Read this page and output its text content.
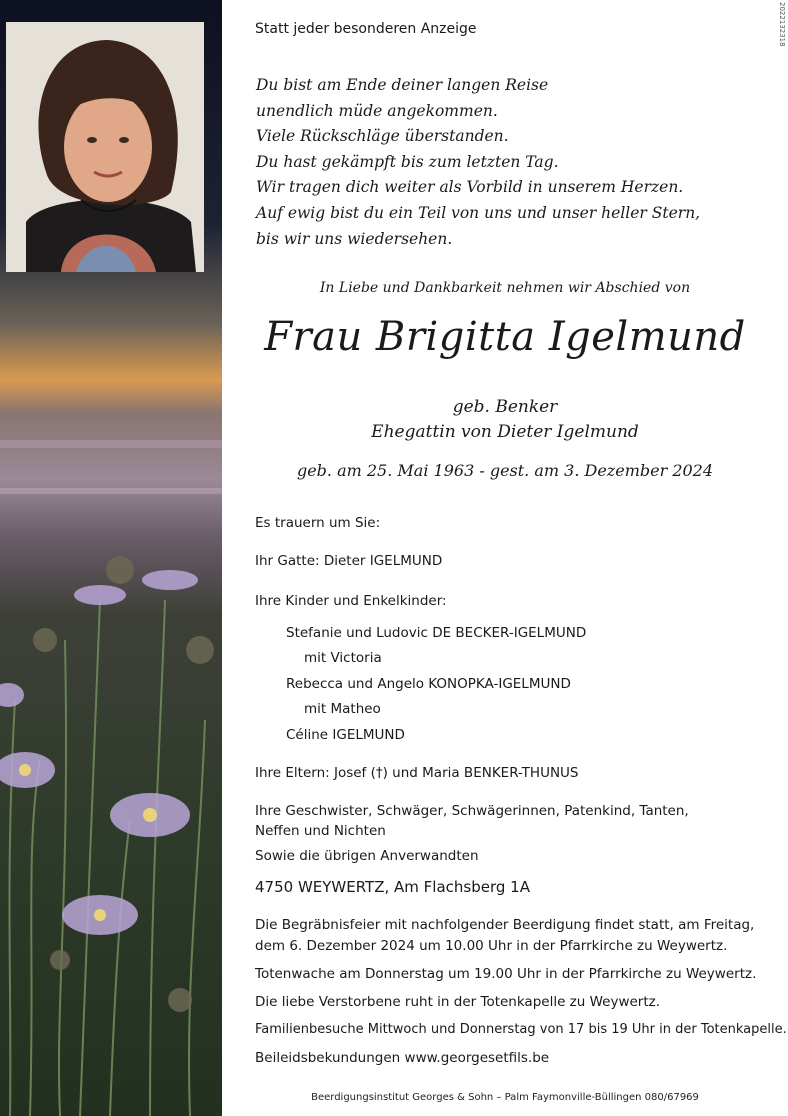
2022132318
Statt jeder besonderen Anzeige
Du bist am Ende deiner langen Reise
unendlich müde angekommen.
Viele Rückschläge überstanden.
Du hast gekämpft bis zum letzten Tag.
Wir tragen dich weiter als Vorbild in unserem Herzen.
Auf ewig bist du ein Teil von uns und unser heller Stern,
bis wir uns wiedersehen.
In Liebe und Dankbarkeit nehmen wir Abschied von
Frau Brigitta Igelmund
geb. Benker
Ehegattin von Dieter Igelmund
geb. am 25. Mai 1963 - gest. am 3. Dezember 2024
Es trauern um Sie:
Ihr Gatte: Dieter IGELMUND
Ihre Kinder und Enkelkinder:
Stefanie und Ludovic DE BECKER-IGELMUND
mit Victoria
Rebecca und Angelo KONOPKA-IGELMUND
mit Matheo
Céline IGELMUND
Ihre Eltern: Josef (†) und Maria BENKER-THUNUS
Ihre Geschwister, Schwäger, Schwägerinnen, Patenkind, Tanten,
Neffen und Nichten
Sowie die übrigen Anverwandten
4750 WEYWERTZ, Am Flachsberg 1A
Die Begräbnisfeier mit nachfolgender Beerdigung findet statt, am Freitag,
dem 6. Dezember 2024 um 10.00 Uhr in der Pfarrkirche zu Weywertz.
Totenwache am Donnerstag um 19.00 Uhr in der Pfarrkirche zu Weywertz.
Die liebe Verstorbene ruht in der Totenkapelle zu Weywertz.
Familienbesuche Mittwoch und Donnerstag von 17 bis 19 Uhr in der Totenkapelle.
Beileidsbekundungen www.georgesetfils.be
Beerdigungsinstitut Georges & Sohn – Palm Faymonville-Büllingen 080/67969
